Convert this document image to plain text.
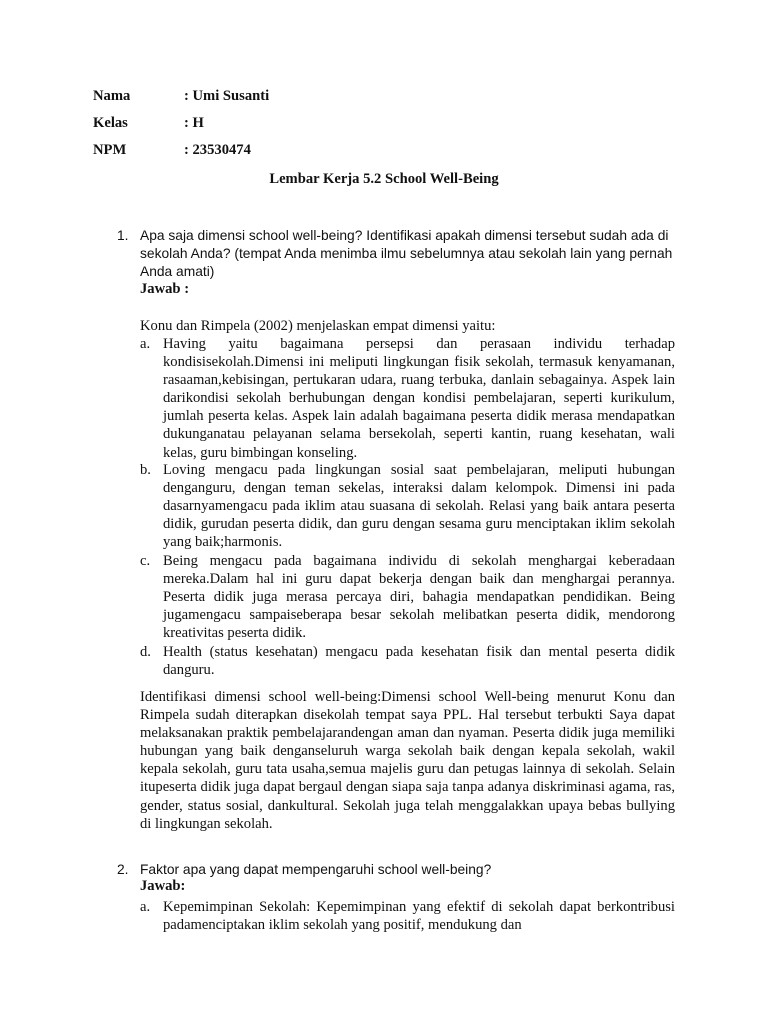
Nama	: Umi Susanti
Kelas	: H
NPM	: 23530474
Lembar Kerja 5.2 School Well-Being
1. Apa saja dimensi school well-being? Identifikasi apakah dimensi tersebut sudah ada di sekolah Anda? (tempat Anda menimba ilmu sebelumnya atau sekolah lain yang pernah Anda amati)
Jawab :
Konu dan Rimpela (2002) menjelaskan empat dimensi yaitu:
a. Having yaitu bagaimana persepsi dan perasaan individu terhadap kondisisekolah.Dimensi ini meliputi lingkungan fisik sekolah, termasuk kenyamanan, rasaaman,kebisingan, pertukaran udara, ruang terbuka, danlain sebagainya. Aspek lain darikondisi sekolah berhubungan dengan kondisi pembelajaran, seperti kurikulum, jumlah peserta kelas. Aspek lain adalah bagaimana peserta didik merasa mendapatkan dukunganatau pelayanan selama bersekolah, seperti kantin, ruang kesehatan, wali kelas, guru bimbingan konseling.
b. Loving mengacu pada lingkungan sosial saat pembelajaran, meliputi hubungan denganguru, dengan teman sekelas, interaksi dalam kelompok. Dimensi ini pada dasarnyamengacu pada iklim atau suasana di sekolah. Relasi yang baik antara peserta didik, gurudan peserta didik, dan guru dengan sesama guru menciptakan iklim sekolah yang baik;harmonis.
c. Being mengacu pada bagaimana individu di sekolah menghargai keberadaan mereka.Dalam hal ini guru dapat bekerja dengan baik dan menghargai perannya. Peserta didik juga merasa percaya diri, bahagia mendapatkan pendidikan. Being jugamengacu sampaiseberapa besar sekolah melibatkan peserta didik, mendorong kreativitas peserta didik.
d. Health (status kesehatan) mengacu pada kesehatan fisik dan mental peserta didik danguru.
Identifikasi dimensi school well-being:Dimensi school Well-being menurut Konu dan Rimpela sudah diterapkan disekolah tempat saya PPL. Hal tersebut terbukti Saya dapat melaksanakan praktik pembelajarandengan aman dan nyaman. Peserta didik juga memiliki hubungan yang baik denganseluruh warga sekolah baik dengan kepala sekolah, wakil kepala sekolah, guru tata usaha,semua majelis guru dan petugas lainnya di sekolah. Selain itupeserta didik juga dapat bergaul dengan siapa saja tanpa adanya diskriminasi agama, ras, gender, status sosial, dankultural. Sekolah juga telah menggalakkan upaya bebas bullying di lingkungan sekolah.
2. Faktor apa yang dapat mempengaruhi school well-being?
Jawab:
a. Kepemimpinan Sekolah: Kepemimpinan yang efektif di sekolah dapat berkontribusi padamenciptakan iklim sekolah yang positif, mendukung dan
